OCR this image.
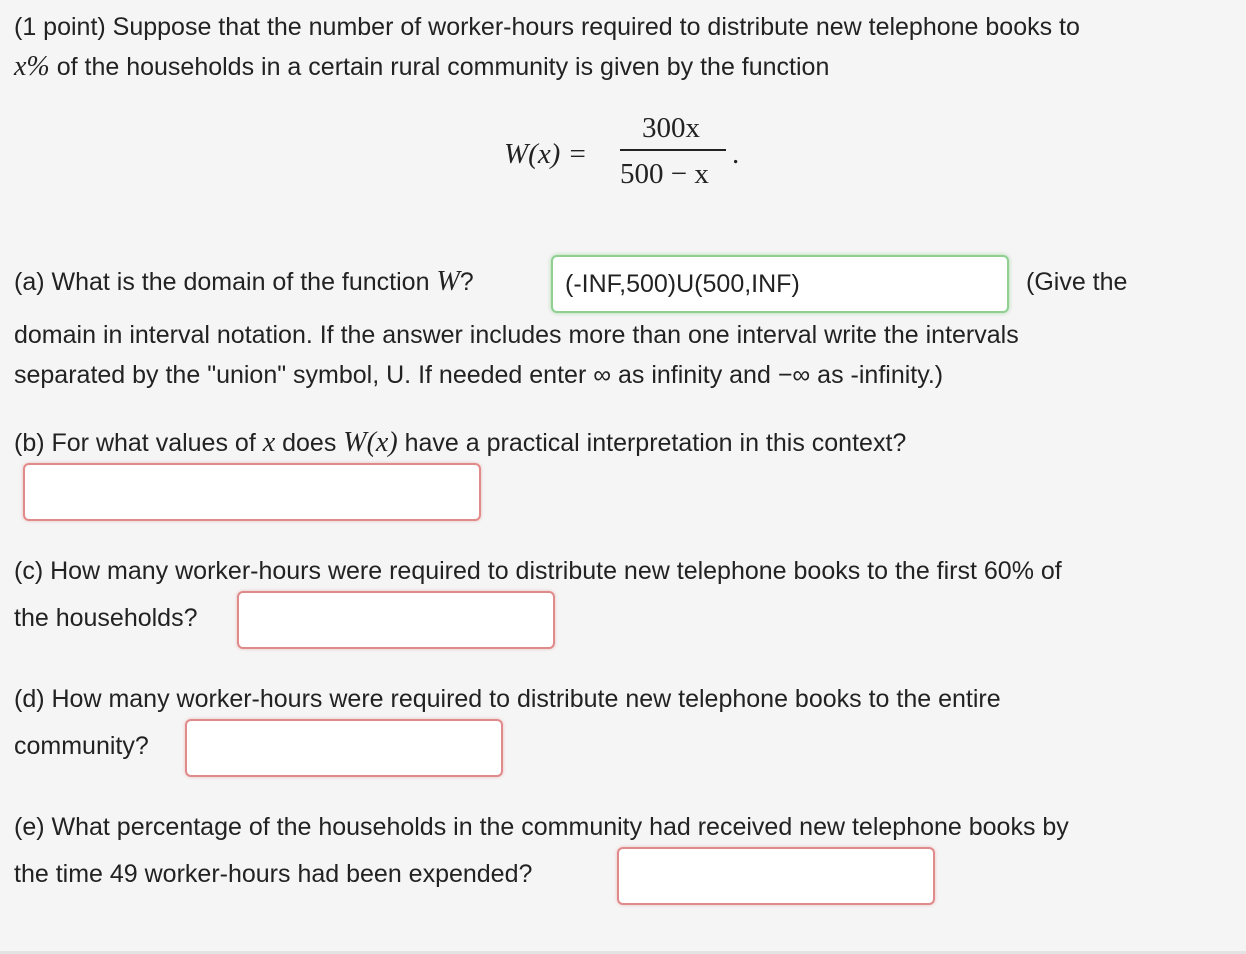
(1 point) Suppose that the number of worker-hours required to distribute new telephone books to
x% of the households in a certain rural community is given by the function
W(x) =
300x
500 − x
.
(a) What is the domain of the function W?
(-INF,500)U(500,INF)	(Give the
domain in interval notation. If the answer includes more than one interval write the intervals
separated by the "union" symbol, U. If needed enter ∞ as infinity and −∞ as -infinity.)
(b) For what values of x does W(x) have a practical interpretation in this context?
(c) How many worker-hours were required to distribute new telephone books to the first 60% of
the households?
(d) How many worker-hours were required to distribute new telephone books to the entire
community?
(e) What percentage of the households in the community had received new telephone books by
the time 49 worker-hours had been expended?
